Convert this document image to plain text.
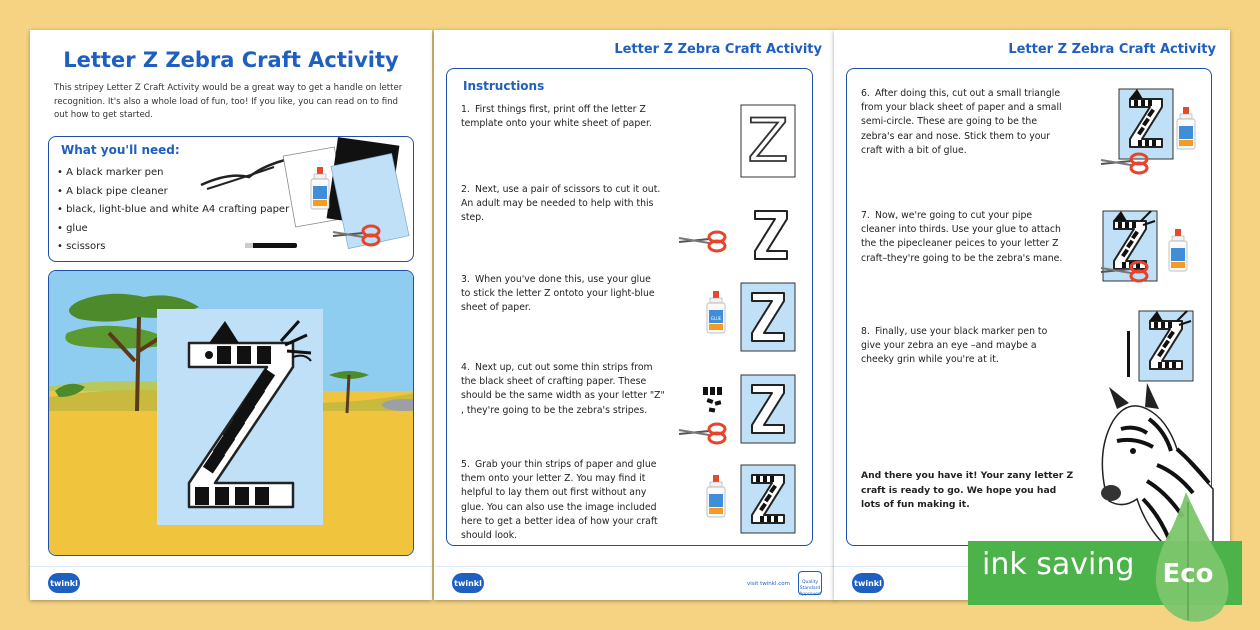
Letter Z Zebra Craft Activity
This stripey Letter Z Craft Activity would be a great way to get a handle on letter recognition. It's also a whole load of fun, too! If you like, you can read on to find out how to get started.
What you'll need:
• A black marker pen
• A black pipe cleaner
• black, light-blue and white A4 crafting paper
• glue
• scissors
twinkl
Letter Z Zebra Craft Activity
Instructions
1. First things first, print off the letter Z template onto your white sheet of paper.
2. Next, use a pair of scissors to cut it out. An adult may be needed to help with this step.
3. When you've done this, use your glue to stick the letter Z ontoto your light-blue sheet of paper.
4. Next up, cut out some thin strips from the black sheet of crafting paper. These should be the same width as your letter "Z" , they're going to be the zebra's stripes.
5. Grab your thin strips of paper and glue them onto your letter Z. You may find it helpful to lay them out first without any glue. You can also use the image included here to get a better idea of how your craft should look.
Z
GLUE
twinkl	visit twinkl.com	Quality Standard Approved
Letter Z Zebra Craft Activity
6. After doing this, cut out a small triangle from your black sheet of paper and a small semi-circle. These are going to be the zebra's ear and nose. Stick them to your craft with a bit of glue.
7. Now, we're going to cut your pipe cleaner into thirds. Use your glue to attach the the pipecleaner peices to your letter Z craft–they're going to be the zebra's mane.
8. Finally, use your black marker pen to give your zebra an eye –and maybe a cheeky grin while you're at it.
And there you have it! Your zany letter Z craft is ready to go. We hope you had lots of fun making it.
twinkl
ink saving Eco
